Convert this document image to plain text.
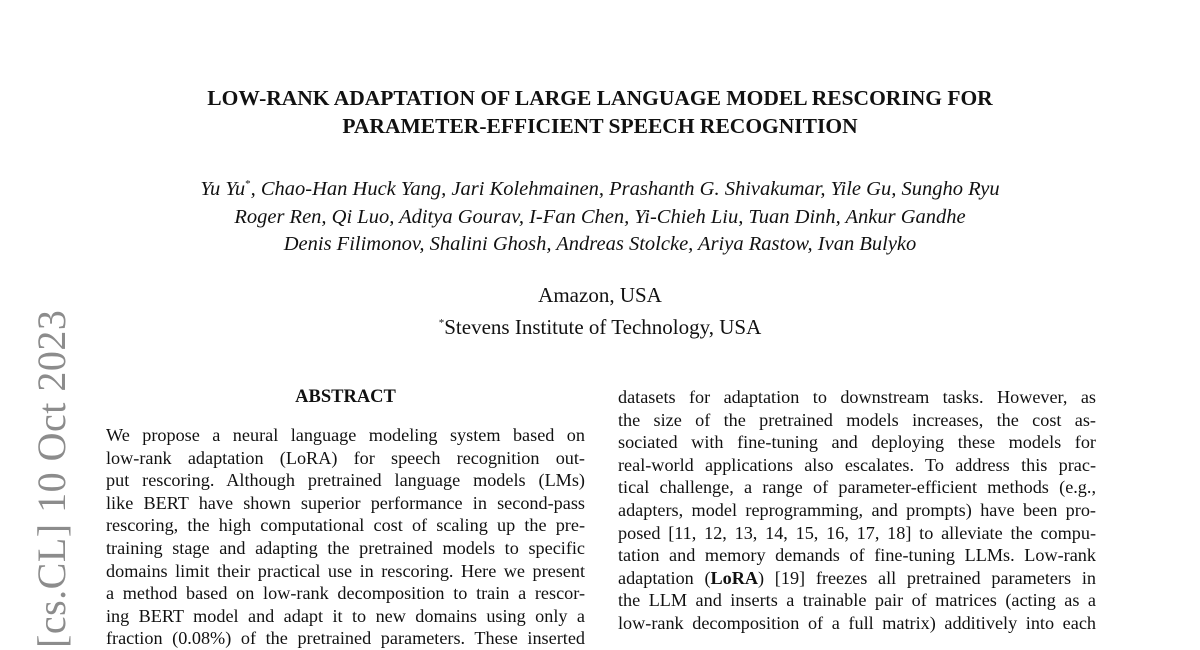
[cs.CL] 10 Oct 2023
LOW-RANK ADAPTATION OF LARGE LANGUAGE MODEL RESCORING FOR
PARAMETER-EFFICIENT SPEECH RECOGNITION
Yu Yu*, Chao-Han Huck Yang, Jari Kolehmainen, Prashanth G. Shivakumar, Yile Gu, Sungho Ryu
Roger Ren, Qi Luo, Aditya Gourav, I-Fan Chen, Yi-Chieh Liu, Tuan Dinh, Ankur Gandhe
Denis Filimonov, Shalini Ghosh, Andreas Stolcke, Ariya Rastow, Ivan Bulyko
Amazon, USA
*Stevens Institute of Technology, USA
ABSTRACT
We propose a neural language modeling system based on
low-rank adaptation (LoRA) for speech recognition out-
put rescoring. Although pretrained language models (LMs)
like BERT have shown superior performance in second-pass
rescoring, the high computational cost of scaling up the pre-
training stage and adapting the pretrained models to specific
domains limit their practical use in rescoring. Here we present
a method based on low-rank decomposition to train a rescor-
ing BERT model and adapt it to new domains using only a
fraction (0.08%) of the pretrained parameters. These inserted
datasets for adaptation to downstream tasks. However, as
the size of the pretrained models increases, the cost as-
sociated with fine-tuning and deploying these models for
real-world applications also escalates. To address this prac-
tical challenge, a range of parameter-efficient methods (e.g.,
adapters, model reprogramming, and prompts) have been pro-
posed [11, 12, 13, 14, 15, 16, 17, 18] to alleviate the compu-
tation and memory demands of fine-tuning LLMs. Low-rank
adaptation (LoRA) [19] freezes all pretrained parameters in
the LLM and inserts a trainable pair of matrices (acting as a
low-rank decomposition of a full matrix) additively into each
